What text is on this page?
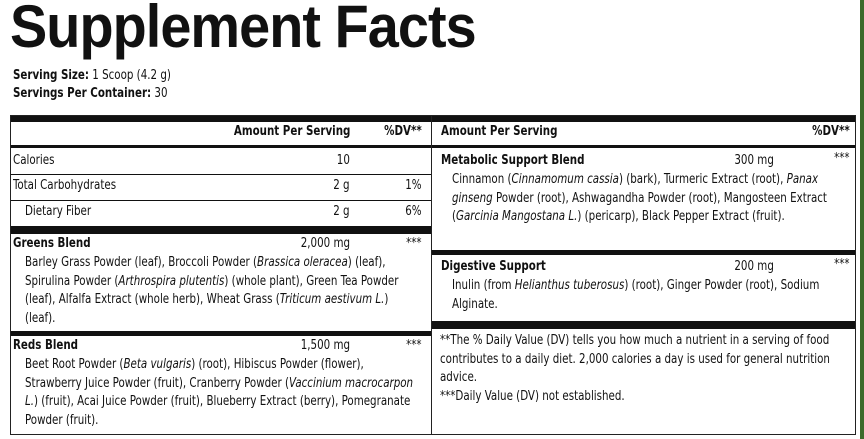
Supplement Facts
Serving Size: 1 Scoop (4.2 g)
Servings Per Container: 30
Amount Per Serving	%DV**
Calories	10
Total Carbohydrates	2 g	1%
Dietary Fiber	2 g	6%
Greens Blend	2,000 mg	***
Barley Grass Powder (leaf), Broccoli Powder (Brassica oleracea) (leaf), Spirulina Powder (Arthrospira plutentis) (whole plant), Green Tea Powder (leaf), Alfalfa Extract (whole herb), Wheat Grass (Triticum aestivum L.) (leaf).
Reds Blend	1,500 mg	***
Beet Root Powder (Beta vulgaris) (root), Hibiscus Powder (flower), Strawberry Juice Powder (fruit), Cranberry Powder (Vaccinium macrocarpon L.) (fruit), Acai Juice Powder (fruit), Blueberry Extract (berry), Pomegranate Powder (fruit).
Amount Per Serving	%DV**
Metabolic Support Blend	300 mg	***
Cinnamon (Cinnamomum cassia) (bark), Turmeric Extract (root), Panax ginseng Powder (root), Ashwagandha Powder (root), Mangosteen Extract (Garcinia Mangostana L.) (pericarp), Black Pepper Extract (fruit).
Digestive Support	200 mg	***
Inulin (from Helianthus tuberosus) (root), Ginger Powder (root), Sodium Alginate.
**The % Daily Value (DV) tells you how much a nutrient in a serving of food contributes to a daily diet. 2,000 calories a day is used for general nutrition advice.
***Daily Value (DV) not established.
